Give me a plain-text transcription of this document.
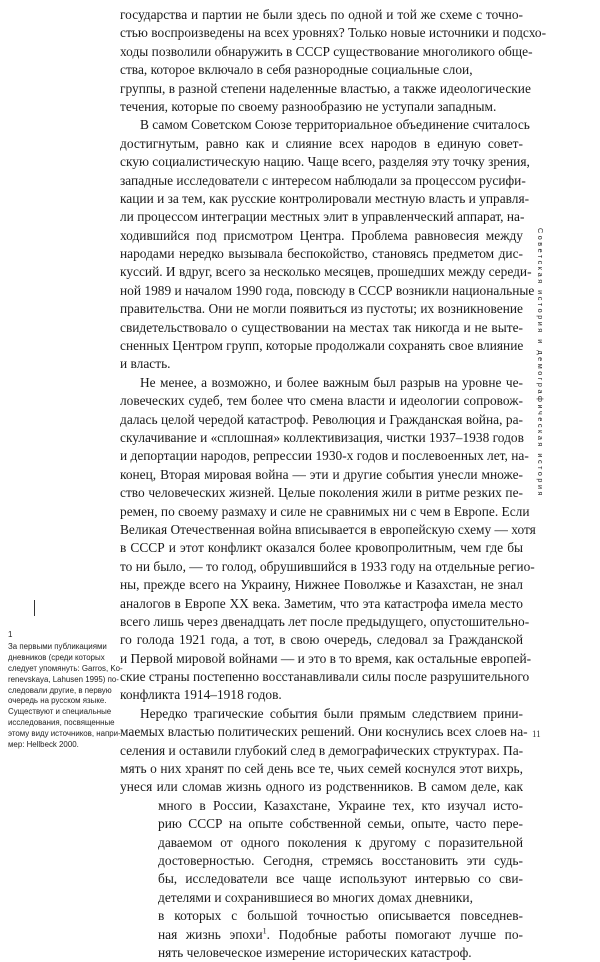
государства и партии не были здесь по одной и той же схеме с точно-
стью воспроизведены на всех уровнях? Только новые источники и подсхо-
ходы позволили обнаружить в СССР существование многоликого обще-
ства, которое включало в себя разнородные социальные слои,
группы, в разной степени наделенные властью, а также идеологические
течения, которые по своему разнообразию не уступали западным.
В самом Советском Союзе территориальное объединение считалось
достигнутым, равно как и слияние всех народов в единую совет-
скую социалистическую нацию. Чаще всего, разделяя эту точку зрения,
западные исследователи с интересом наблюдали за процессом русифи-
кации и за тем, как русские контролировали местную власть и управля-
ли процессом интеграции местных элит в управленческий аппарат, на-
ходившийся под присмотром Центра. Проблема равновесия между
народами нередко вызывала беспокойство, становясь предметом дис-
куссий. И вдруг, всего за несколько месяцев, прошедших между середи-
ной 1989 и началом 1990 года, повсюду в СССР возникли национальные
правительства. Они не могли появиться из пустоты; их возникновение
свидетельствовало о существовании на местах так никогда и не выте-
сненных Центром групп, которые продолжали сохранять свое влияние
и власть.
Не менее, а возможно, и более важным был разрыв на уровне че-
ловеческих судеб, тем более что смена власти и идеологии сопровож-
далась целой чередой катастроф. Революция и Гражданская война, ра-
скулачивание и «сплошная» коллективизация, чистки 1937–1938 годов
и депортации народов, репрессии 1930-х годов и послевоенных лет, на-
конец, Вторая мировая война — эти и другие события унесли множе-
ство человеческих жизней. Целые поколения жили в ритме резких пе-
ремен, по своему размаху и силе не сравнимых ни с чем в Европе. Если
Великая Отечественная война вписывается в европейскую схему — хотя
в СССР и этот конфликт оказался более кровопролитным, чем где бы
то ни было, — то голод, обрушившийся в 1933 году на отдельные регио-
ны, прежде всего на Украину, Нижнее Поволжье и Казахстан, не знал
аналогов в Европе XX века. Заметим, что эта катастрофа имела место
всего лишь через двенадцать лет после предыдущего, опустошительно-
го голода 1921 года, а тот, в свою очередь, следовал за Гражданской
и Первой мировой войнами — и это в то время, как остальные европей-
ские страны постепенно восстанавливали силы после разрушительного
конфликта 1914–1918 годов.
Нередко трагические события были прямым следствием прини-
маемых властью политических решений. Они коснулись всех слоев на-
селения и оставили глубокий след в демографических структурах. Па-
мять о них хранят по сей день все те, чьих семей коснулся этот вихрь,
унеся или сломав жизнь одного из родственников. В самом деле, как
много в России, Казахстане, Украине тех, кто изучал исто-
рию СССР на опыте собственной семьи, опыте, часто пере-
даваемом от одного поколения к другому с поразительной
достоверностью. Сегодня, стремясь восстановить эти судь-
бы, исследователи все чаще используют интервью со сви-
детелями и сохранившиеся во многих домах дневники,
в которых с большой точностью описывается повседнев-
ная жизнь эпохи$^1$. Подобные работы помогают лучше по-
нять человеческое измерение исторических катастроф.
1
За первыми публикациями
дневников (среди которых
следует упомянуть: Garros, Ko-
renevskaya, Lahusen 1995) по-
следовали другие, в первую
очередь на русском языке.
Существуют и специальные
исследования, посвященные
этому виду источников, напри-
мер: Hellbeck 2000.
Советская история и демографическая история
11
